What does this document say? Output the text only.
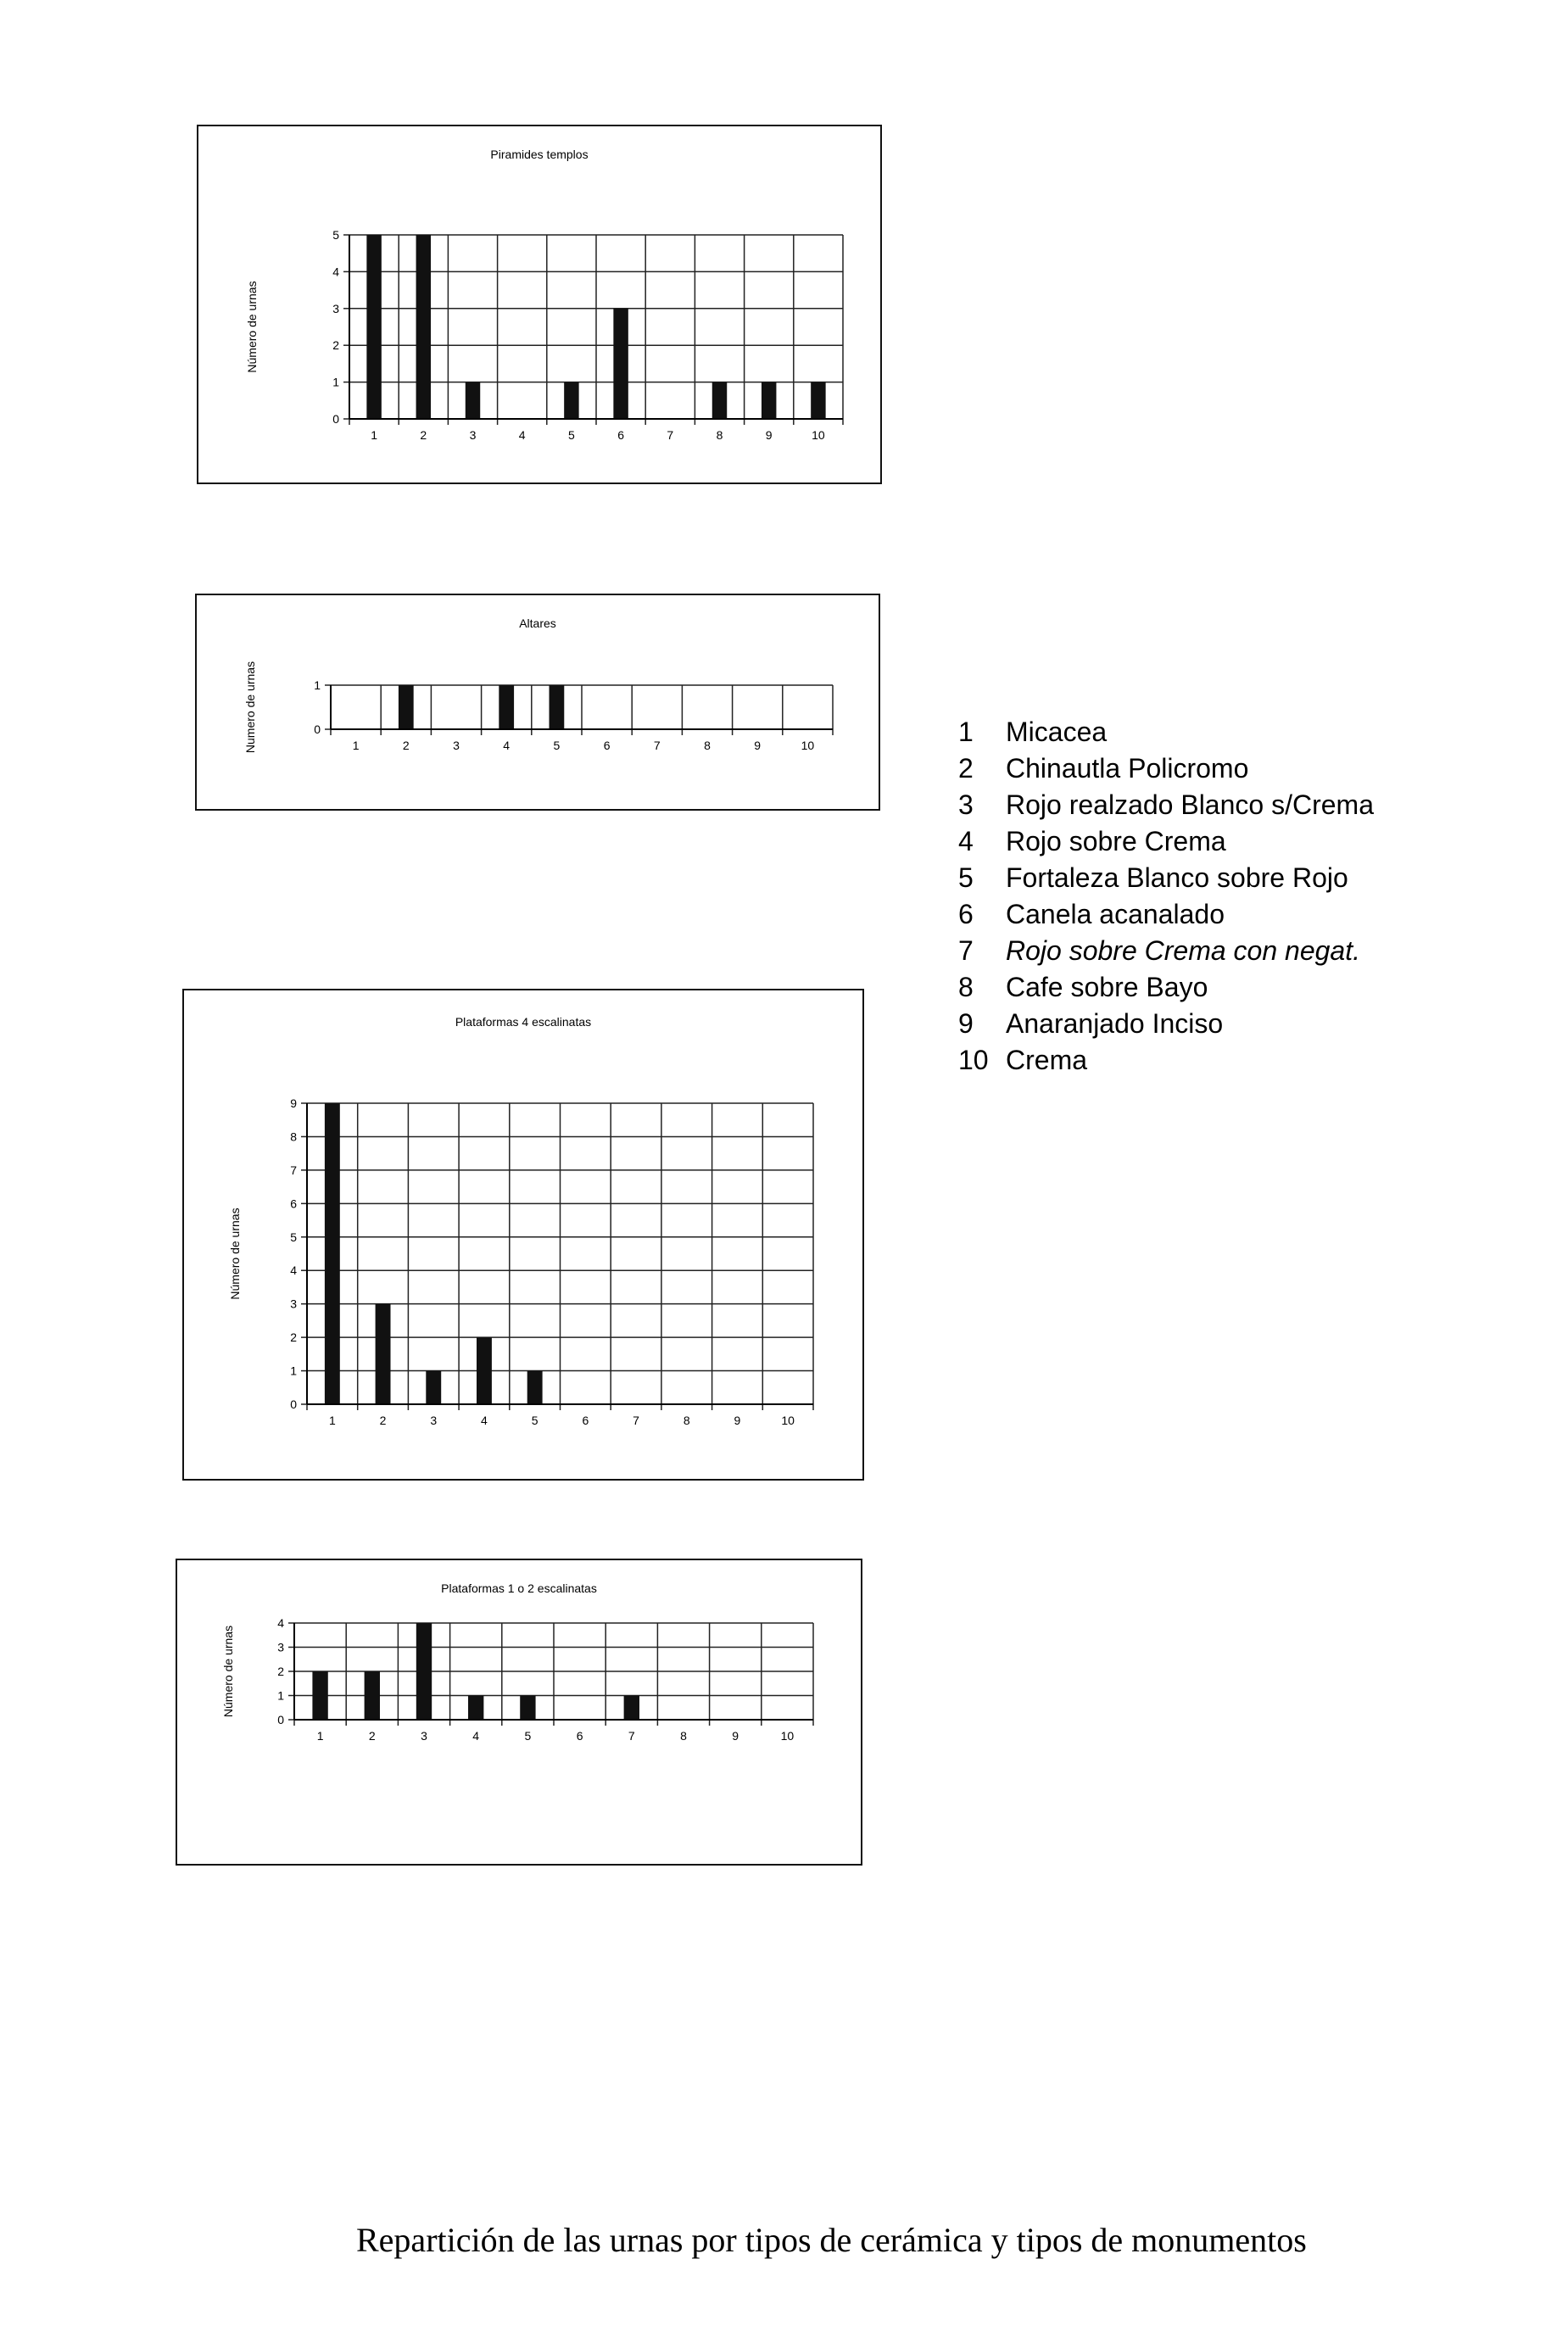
Piramides templos
Número de urnas
0
1
2
3
4
5
1	2	3	4	5	6	7	8	9	10
Altares
Numero de urnas	0
1
1	2	3	4	5	6	7	8	9	10
Plataformas 4 escalinatas
Número de urnas
0
1
2
3
4
5
6
7
8
9
1	2	3	4	5	6	7	8	9	10
Plataformas 1 o 2 escalinatas
Número de urnas
0
1
2
3
4
1	2	3	4	5	6	7	8	9	10
1	Micacea
2	Chinautla Policromo
3	Rojo realzado Blanco s/Crema
4	Rojo sobre Crema
5	Fortaleza Blanco sobre Rojo
6	Canela acanalado
7	Rojo sobre Crema con negat.
8	Cafe sobre Bayo
9	Anaranjado Inciso
10 Crema
Repartición de las urnas por tipos de cerámica y tipos de monumentos
